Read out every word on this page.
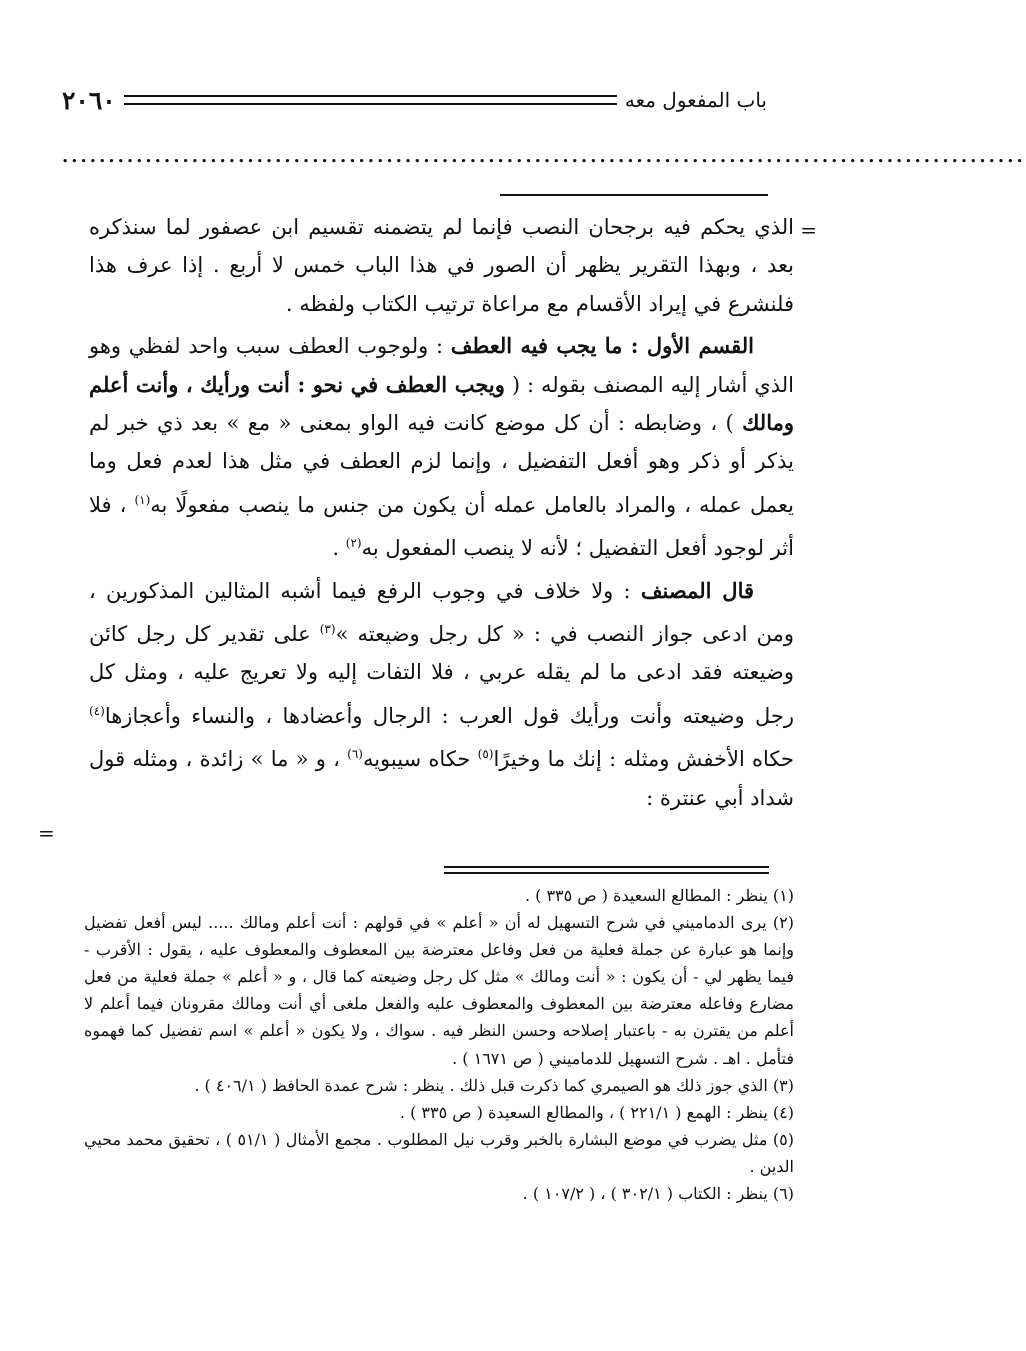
باب المفعول معه
٢٠٦٠
........................................................................................................
=

الذي يحكم فيه برجحان النصب فإنما لم يتضمنه تقسيم ابن عصفور لما سنذكره بعد ، وبهذا التقرير يظهر أن الصور في هذا الباب خمس لا أربع . إذا عرف هذا فلنشرع في إيراد الأقسام مع مراعاة ترتيب الكتاب ولفظه .

القسم الأول : ما يجب فيه العطف : ولوجوب العطف سبب واحد لفظي وهو الذي أشار إليه المصنف بقوله : ( ويجب العطف في نحو : أنت ورأيك ، وأنت أعلم ومالك ) ، وضابطه : أن كل موضع كانت فيه الواو بمعنى « مع » بعد ذي خبر لم يذكر أو ذكر وهو أفعل التفضيل ، وإنما لزم العطف في مثل هذا لعدم فعل وما يعمل عمله ، والمراد بالعامل عمله أن يكون من جنس ما ينصب مفعولًا به$^{(١)}$ ، فلا أثر لوجود أفعل التفضيل ؛ لأنه لا ينصب المفعول به$^{(٢)}$ .

قال المصنف : ولا خلاف في وجوب الرفع فيما أشبه المثالين المذكورين ، ومن ادعى جواز النصب في : « كل رجل وضيعته »$^{(٣)}$ على تقدير كل رجل كائن وضيعته فقد ادعى ما لم يقله عربي ، فلا التفات إليه ولا تعريج عليه ، ومثل كل رجل وضيعته وأنت ورأيك قول العرب : الرجال وأعضادها ، والنساء وأعجازها$^{(٤)}$ حكاه الأخفش ومثله : إنك ما وخيرًا$^{(٥)}$ حكاه سيبويه$^{(٦)}$ ، و « ما » زائدة ، ومثله قول شداد أبي عنترة :

=

(١) ينظر : المطالع السعيدة ( ص ٣٣٥ ) .

(٢) يرى الدماميني في شرح التسهيل له أن « أعلم » في قولهم : أنت أعلم ومالك ..... ليس أفعل تفضيل وإنما هو عبارة عن جملة فعلية من فعل وفاعل معترضة بين المعطوف والمعطوف عليه ، يقول : الأقرب - فيما يظهر لي - أن يكون : « أنت ومالك » مثل كل رجل وضيعته كما قال ، و « أعلم » جملة فعلية من فعل مضارع وفاعله معترضة بين المعطوف والمعطوف عليه والفعل ملغى أي أنت ومالك مقرونان فيما أعلم لا أعلم من يقترن به - باعتبار إصلاحه وحسن النظر فيه . سواك ، ولا يكون « أعلم » اسم تفضيل كما فهموه فتأمل . اهـ . شرح التسهيل للدماميني ( ص ١٦٧١ ) .

(٣) الذي جوز ذلك هو الصيمري كما ذكرت قبل ذلك . ينظر : شرح عمدة الحافظ ( ٤٠٦/١ ) .

(٤) ينظر : الهمع ( ٢٢١/١ ) ، والمطالع السعيدة ( ص ٣٣٥ ) .

(٥) مثل يضرب في موضع البشارة بالخبر وقرب نيل المطلوب . مجمع الأمثال ( ٥١/١ ) ، تحقيق محمد محيي الدين .

(٦) ينظر : الكتاب ( ٣٠٢/١ ) ، ( ١٠٧/٢ ) .
